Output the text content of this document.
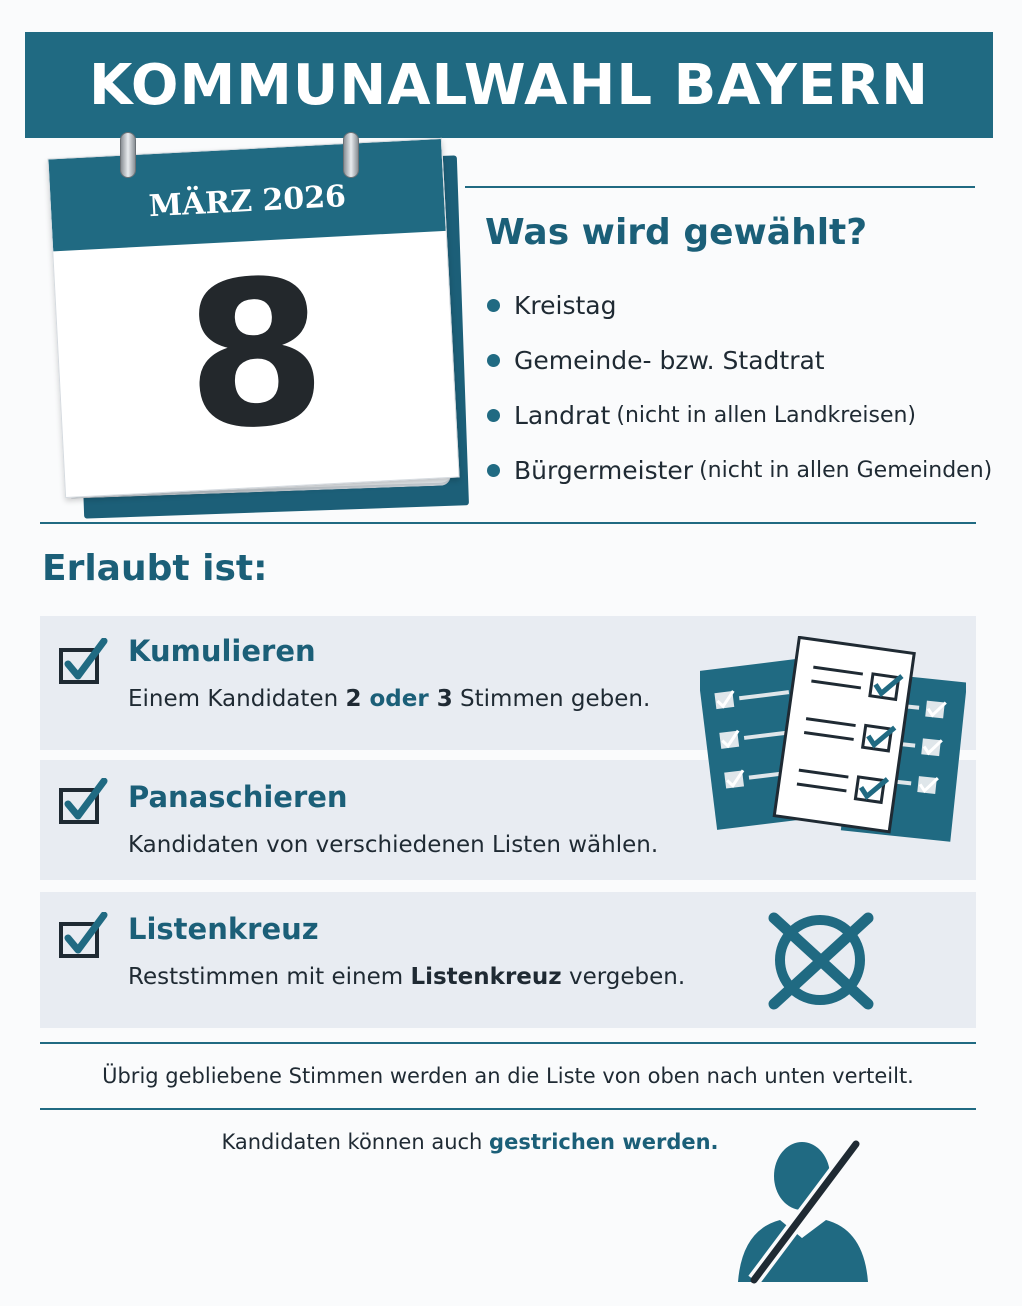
KOMMUNALWAHL BAYERN
MÄRZ 2026
8
Was wird gewählt?
Kreistag
Gemeinde- bzw. Stadtrat
Landrat (nicht in allen Landkreisen)
Bürgermeister (nicht in allen Gemeinden)
Erlaubt ist:
Kumulieren

Einem Kandidaten 2 oder 3 Stimmen geben.

Panaschieren

Kandidaten von verschiedenen Listen wählen.

Listenkreuz

Reststimmen mit einem Listenkreuz vergeben.

Übrig gebliebene Stimmen werden an die Liste von oben nach unten verteilt.
Kandidaten können auch gestrichen werden.
